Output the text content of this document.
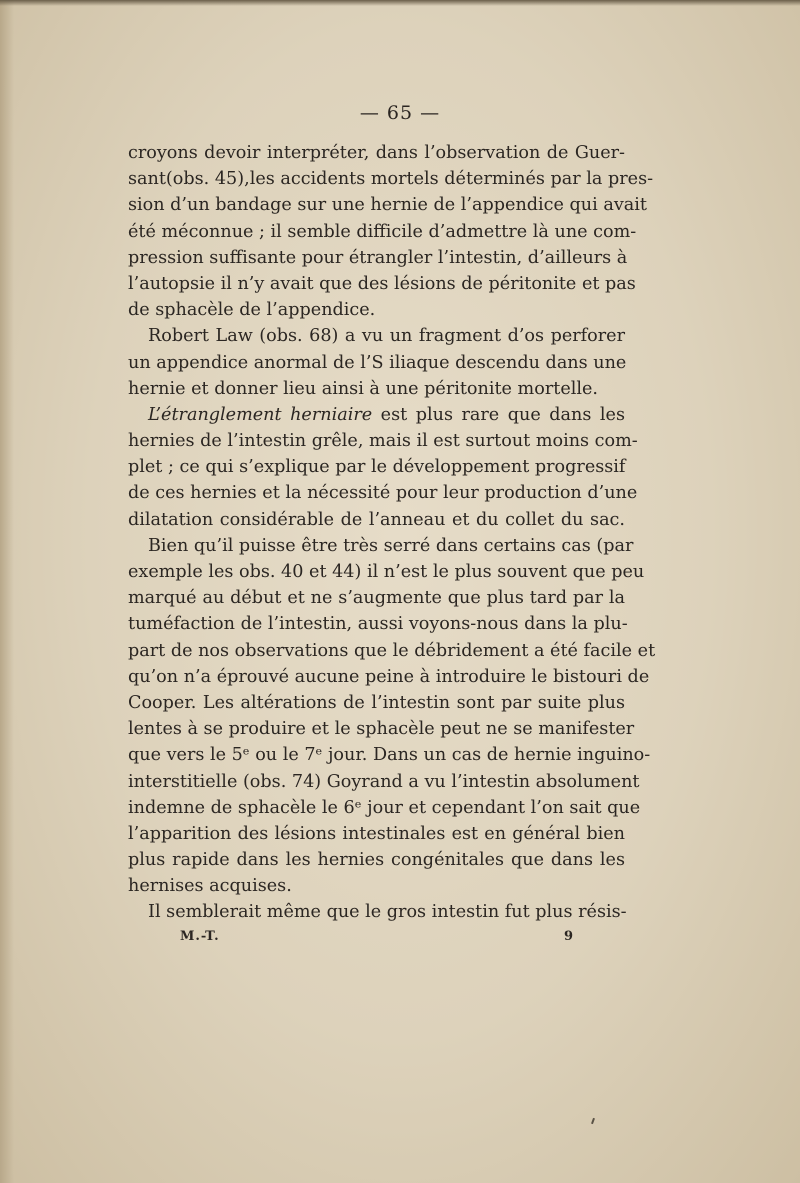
— 65 —
croyons devoir interpréter, dans l’observation de Guer-
sant(obs. 45),les accidents mortels déterminés par la pres-
sion d’un bandage sur une hernie de l’appendice qui avait
été méconnue ; il semble difficile d’admettre là une com-
pression suffisante pour étrangler l’intestin, d’ailleurs à
l’autopsie il n’y avait que des lésions de péritonite et pas
de sphacèle de l’appendice.
Robert Law (obs. 68) a vu un fragment d’os perforer
un appendice anormal de l’S iliaque descendu dans une
hernie et donner lieu ainsi à une péritonite mortelle.
L’étranglement herniaire est plus rare que dans les
hernies de l’intestin grêle, mais il est surtout moins com-
plet ; ce qui s’explique par le développement progressif
de ces hernies et la nécessité pour leur production d’une
dilatation considérable de l’anneau et du collet du sac.
Bien qu’il puisse être très serré dans certains cas (par
exemple les obs. 40 et 44) il n’est le plus souvent que peu
marqué au début et ne s’augmente que plus tard par la
tuméfaction de l’intestin, aussi voyons-nous dans la plu-
part de nos observations que le débridement a été facile et
qu’on n’a éprouvé aucune peine à introduire le bistouri de
Cooper. Les altérations de l’intestin sont par suite plus
lentes à se produire et le sphacèle peut ne se manifester
que vers le 5ᵉ ou le 7ᵉ jour. Dans un cas de hernie inguino-
interstitielle (obs. 74) Goyrand a vu l’intestin absolument
indemne de sphacèle le 6ᵉ jour et cependant l’on sait que
l’apparition des lésions intestinales est en général bien
plus rapide dans les hernies congénitales que dans les
hernises acquises.
Il semblerait même que le gros intestin fut plus résis-
M.-T.	9
